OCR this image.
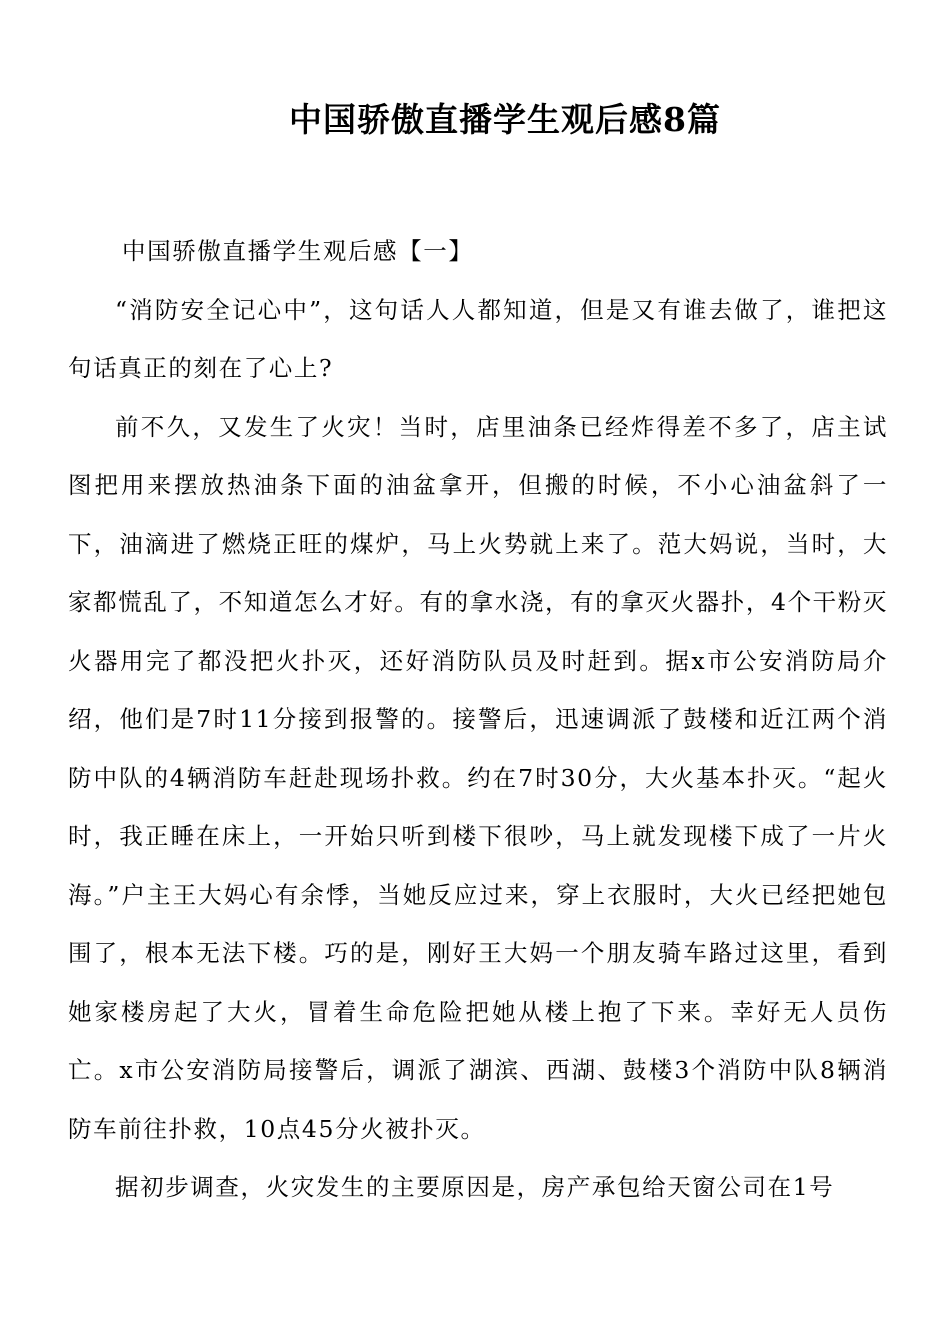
中国骄傲直播学生观后感8篇

中国骄傲直播学生观后感【一】

“消防安全记心中”，这句话人人都知道，但是又有谁去做了，谁把这句话真正的刻在了心上?

前不久，又发生了火灾！当时，店里油条已经炸得差不多了，店主试图把用来摆放热油条下面的油盆拿开，但搬的时候，不小心油盆斜了一下，油滴进了燃烧正旺的煤炉，马上火势就上来了。范大妈说，当时，大家都慌乱了，不知道怎么才好。有的拿水浇，有的拿灭火器扑，4个干粉灭火器用完了都没把火扑灭，还好消防队员及时赶到。据x市公安消防局介绍，他们是7时11分接到报警的。接警后，迅速调派了鼓楼和近江两个消防中队的4辆消防车赶赴现场扑救。约在7时30分，大火基本扑灭。“起火时，我正睡在床上，一开始只听到楼下很吵，马上就发现楼下成了一片火海。”户主王大妈心有余悸，当她反应过来，穿上衣服时，大火已经把她包围了，根本无法下楼。巧的是，刚好王大妈一个朋友骑车路过这里，看到她家楼房起了大火，冒着生命危险把她从楼上抱了下来。幸好无人员伤亡。x市公安消防局接警后，调派了湖滨、西湖、鼓楼3个消防中队8辆消防车前往扑救，10点45分火被扑灭。

据初步调查，火灾发生的主要原因是，房产承包给天窗公司在1号
